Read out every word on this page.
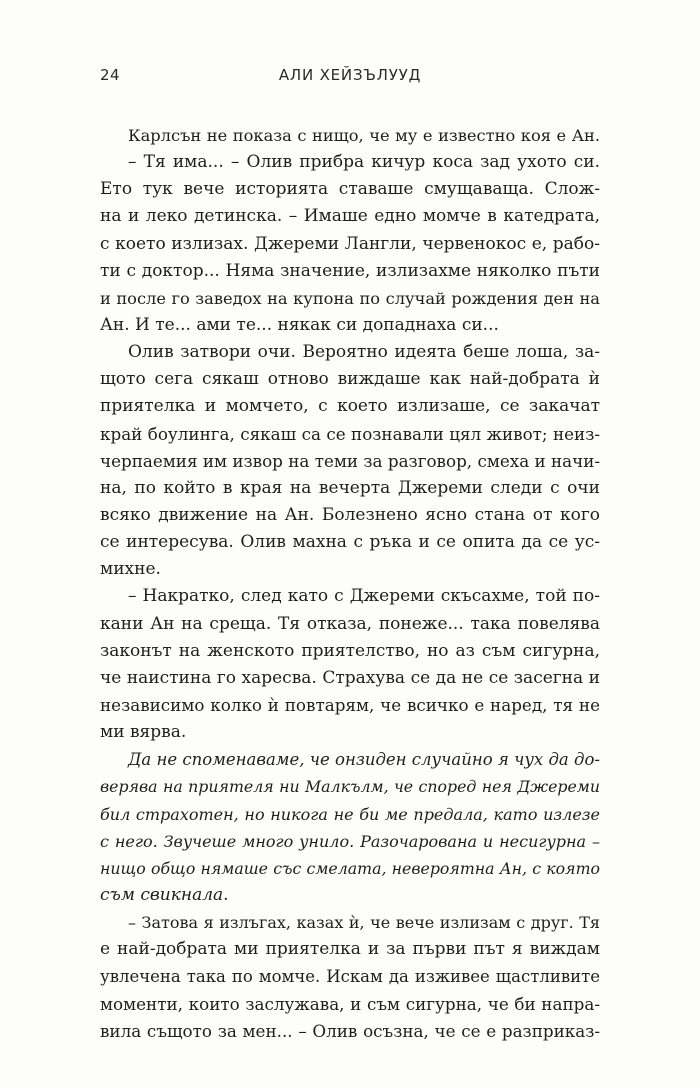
24	АЛИ ХЕЙЗЪЛУУД
Карлсън не показа с нищо, че му е известно коя е Ан.
– Тя има... – Олив прибра кичур коса зад ухото си.
Ето тук вече историята ставаше смущаваща. Слож-
на и леко детинска. – Имаше едно момче в катедрата,
с което излизах. Джереми Лангли, червенокос е, рабо-
ти с доктор... Няма значение, излизахме няколко пъти
и после го заведох на купона по случай рождения ден на
Ан. И те... ами те... някак си допаднаха си...
Олив затвори очи. Вероятно идеята беше лоша, за-
щото сега сякаш отново виждаше как най-добрата ѝ
приятелка и момчето, с което излизаше, се закачат
край боулинга, сякаш са се познавали цял живот; неиз-
черпаемия им извор на теми за разговор, смеха и начи-
на, по който в края на вечерта Джереми следи с очи
всяко движение на Ан. Болезнено ясно стана от кого
се интересува. Олив махна с ръка и се опита да се ус-
михне.
– Накратко, след като с Джереми скъсахме, той по-
кани Ан на среща. Тя отказа, понеже... така повелява
законът на женското приятелство, но аз съм сигурна,
че наистина го харесва. Страхува се да не се засегна и
независимо колко ѝ повтарям, че всичко е наред, тя не
ми вярва.
Да не споменаваме, че онзиден случайно я чух да до-
верява на приятеля ни Малкълм, че според нея Джереми
бил страхотен, но никога не би ме предала, като излезе
с него. Звучеше много унило. Разочарована и несигурна –
нищо общо нямаше със смелата, невероятна Ан, с която
съм свикнала.
– Затова я излъгах, казах ѝ, че вече излизам с друг. Тя
е най-добрата ми приятелка и за първи път я виждам
увлечена така по момче. Искам да изживее щастливите
моменти, които заслужава, и съм сигурна, че би напра-
вила същото за мен... – Олив осъзна, че се е разприказ-
